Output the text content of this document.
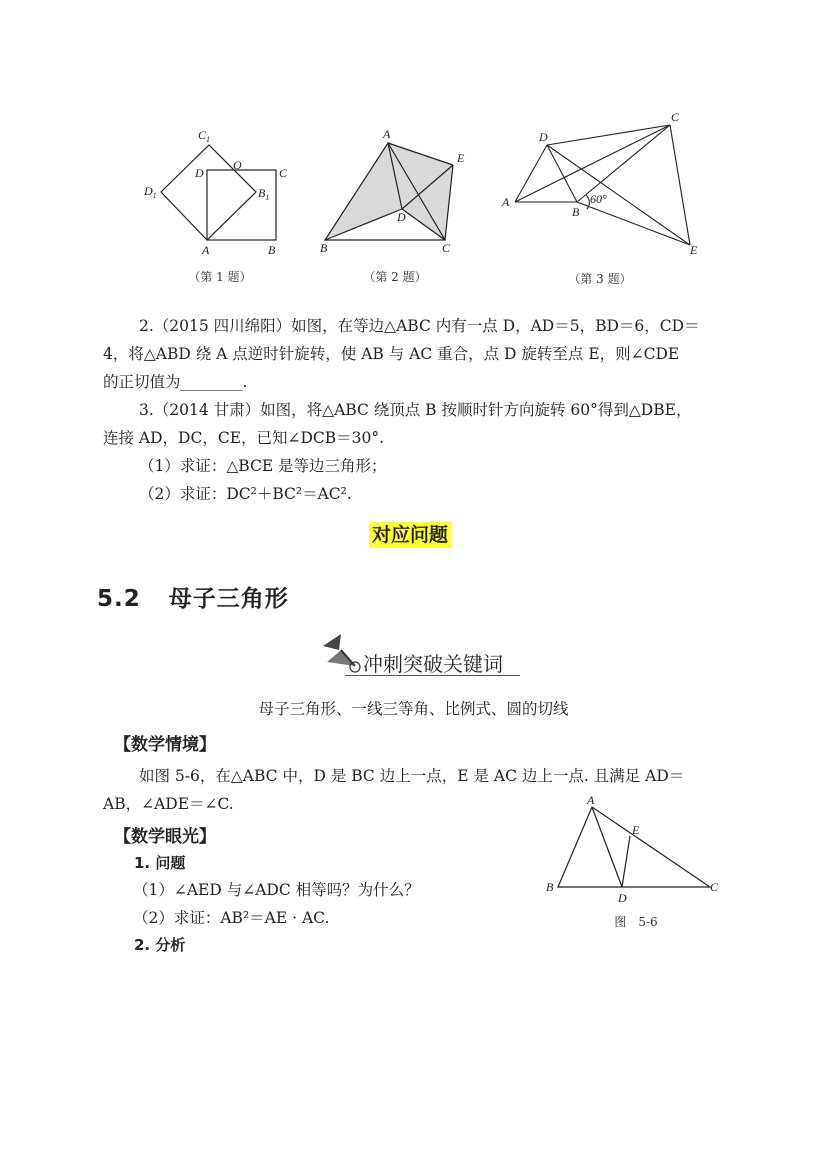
$C_1$
$D_1$
D
O
C
$B_1$
A	B
（第 1 题）
A
E
D
B	C
（第 2 题）
C
D
A
B
E
60°
（第 3 题）
2.（2015 四川绵阳）如图，在等边△ABC 内有一点 D，AD＝5，BD＝6，CD＝
4，将△ABD 绕 A 点逆时针旋转，使 AB 与 AC 重合，点 D 旋转至点 E，则∠CDE
的正切值为________.
3.（2014 甘肃）如图，将△ABC 绕顶点 B 按顺时针方向旋转 60°得到△DBE，
连接 AD，DC，CE，已知∠DCB＝30°.
（1）求证：△BCE 是等边三角形；
（2）求证：DC²＋BC²＝AC².
对应问题
5.2 母子三角形
冲刺突破关键词
母子三角形、一线三等角、比例式、圆的切线
【数学情境】
如图 5-6，在△ABC 中，D 是 BC 边上一点，E 是 AC 边上一点. 且满足 AD＝
AB，∠ADE＝∠C.
【数学眼光】
1. 问题
（1）∠AED 与∠ADC 相等吗？为什么？
（2）求证：AB²＝AE · AC.
2. 分析
A
E
B
D
C
图　5-6
